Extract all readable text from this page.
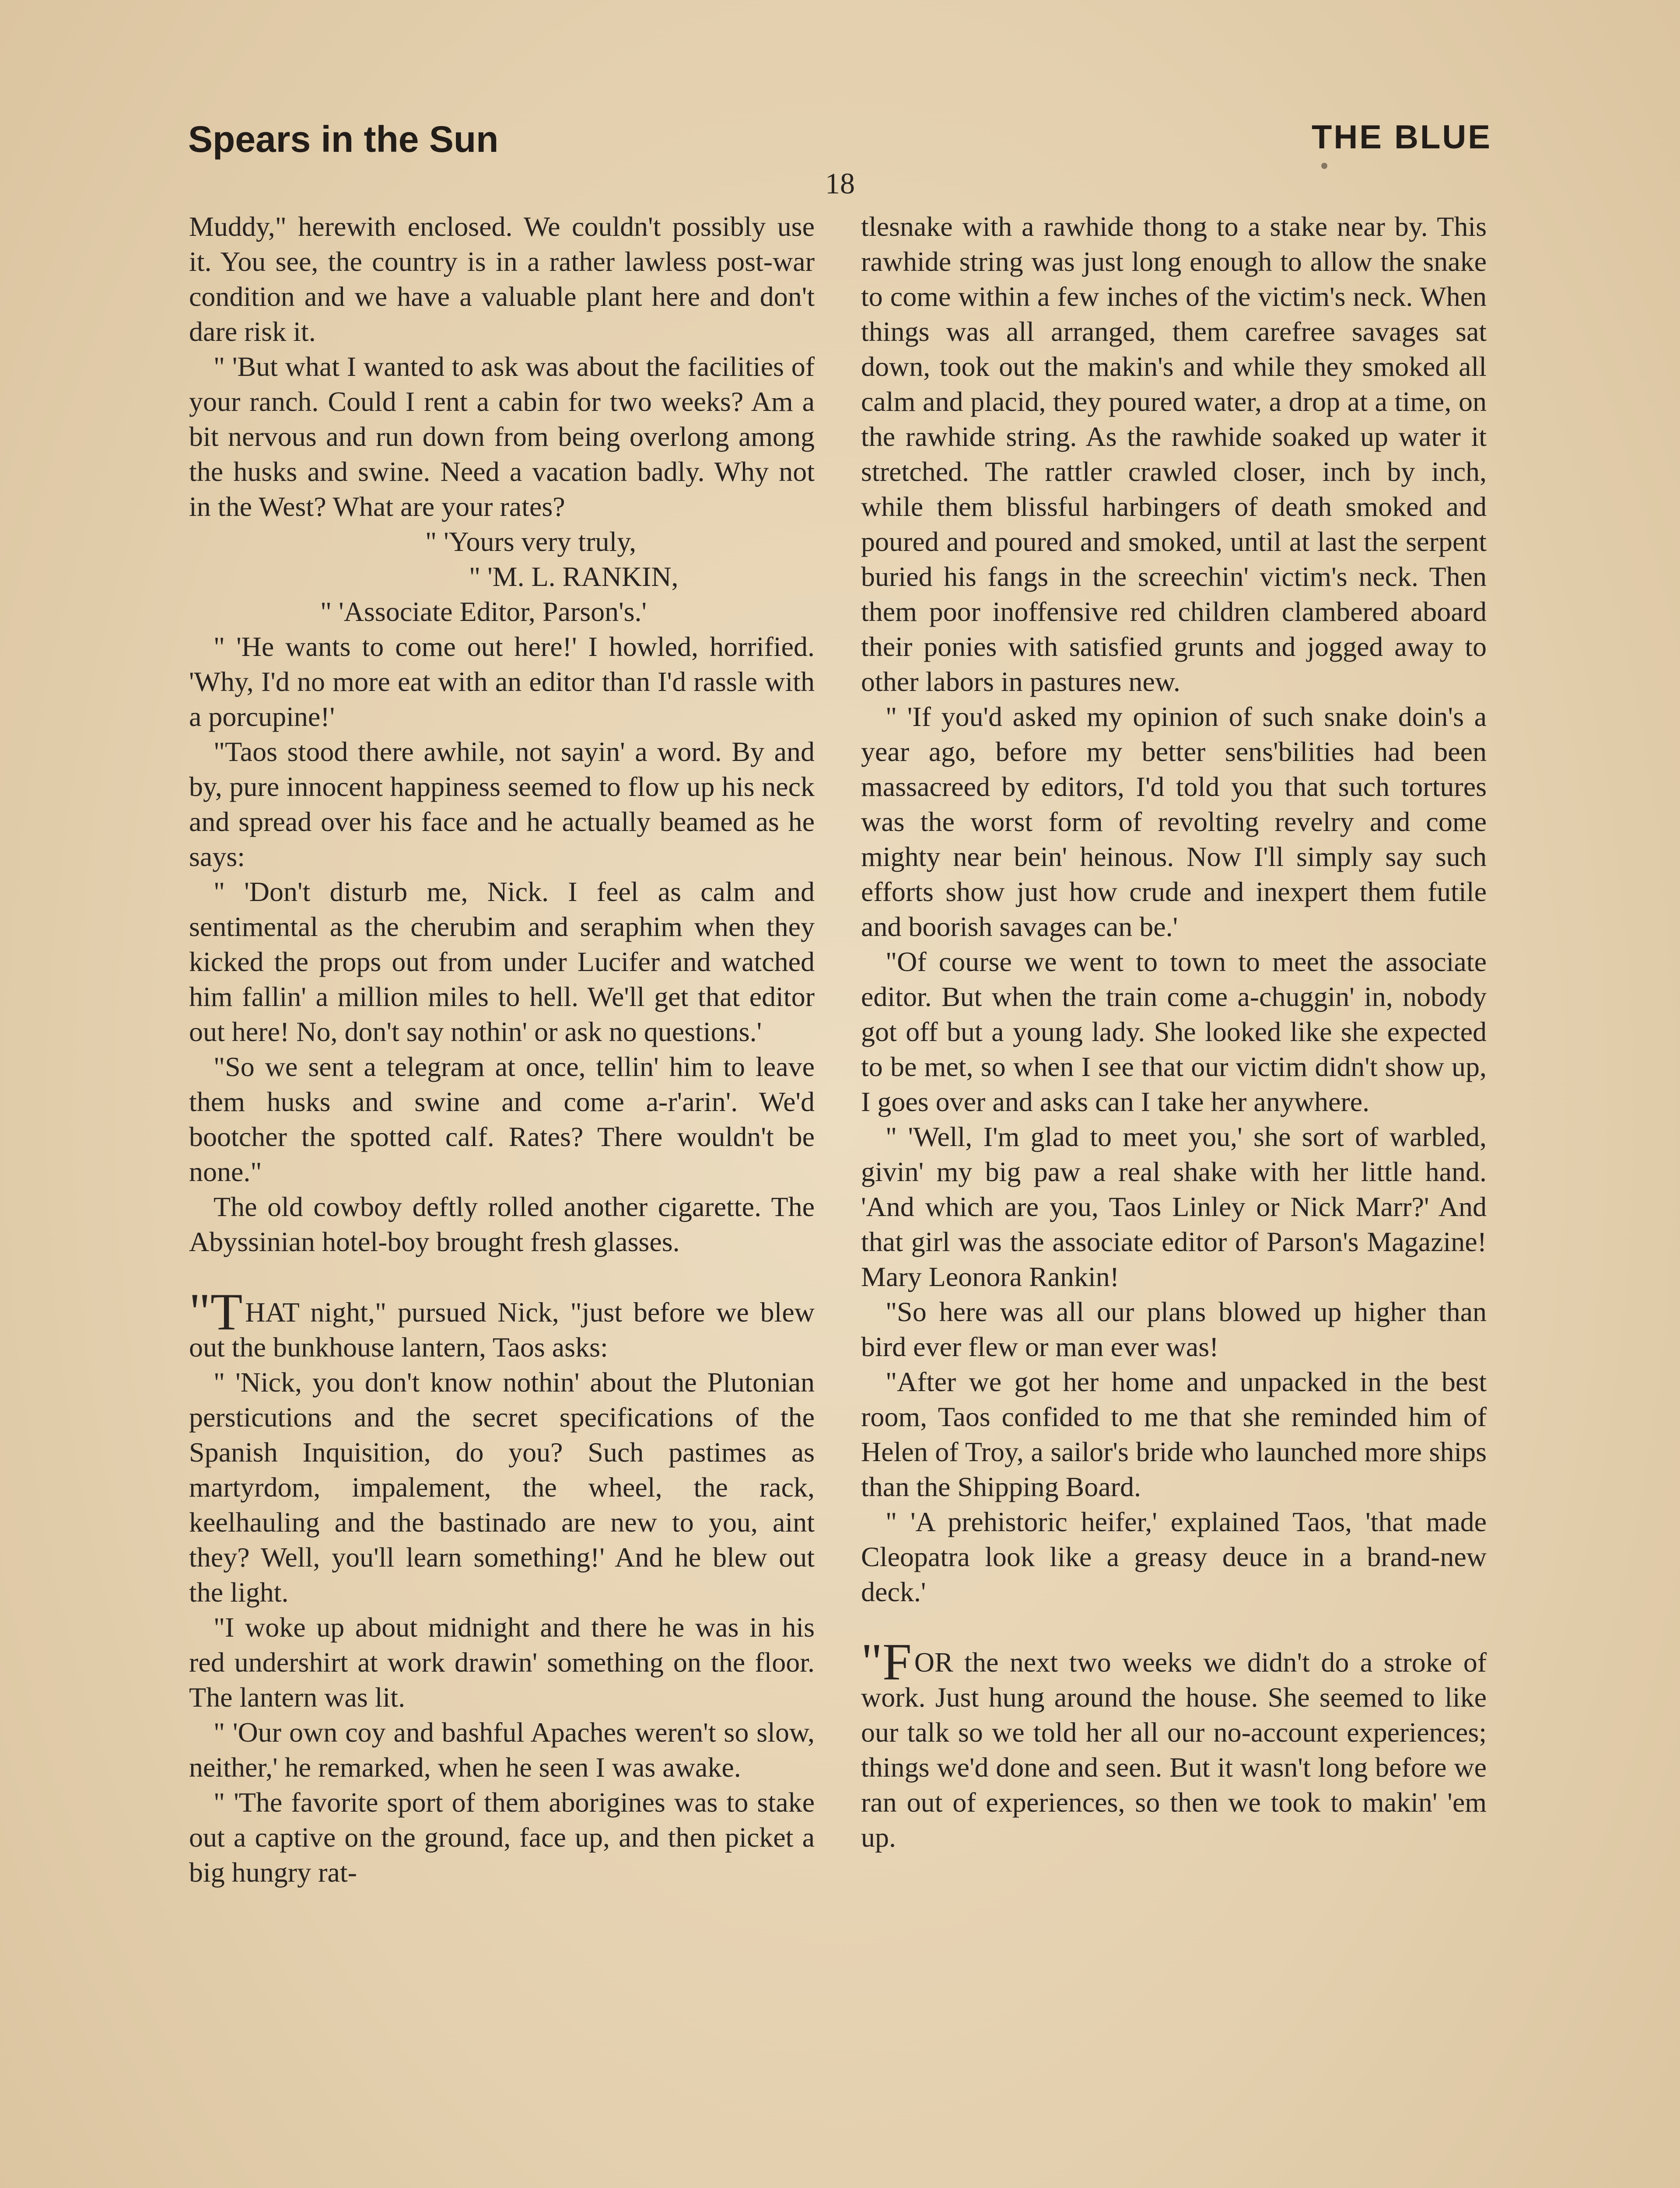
Spears in the Sun	THE BLUE
18

Muddy," herewith enclosed. We couldn't possibly use it. You see, the country is in a rather lawless post-war condition and we have a valuable plant here and don't dare risk it.

" 'But what I wanted to ask was about the facilities of your ranch. Could I rent a cabin for two weeks? Am a bit nervous and run down from being overlong among the husks and swine. Need a vacation badly. Why not in the West? What are your rates?

" 'Yours very truly,

" 'M. L. RANKIN,

" 'Associate Editor, Parson's.'

" 'He wants to come out here!' I howled, horrified. 'Why, I'd no more eat with an editor than I'd rassle with a porcupine!'

"Taos stood there awhile, not sayin' a word. By and by, pure innocent happiness seemed to flow up his neck and spread over his face and he actually beamed as he says:

" 'Don't disturb me, Nick. I feel as calm and sentimental as the cherubim and seraphim when they kicked the props out from under Lucifer and watched him fallin' a million miles to hell. We'll get that editor out here! No, don't say nothin' or ask no questions.'

"So we sent a telegram at once, tellin' him to leave them husks and swine and come a-r'arin'. We'd bootcher the spotted calf. Rates? There wouldn't be none."

The old cowboy deftly rolled another cigarette. The Abyssinian hotel-boy brought fresh glasses.

"THAT night," pursued Nick, "just before we blew out the bunkhouse lantern, Taos asks:

" 'Nick, you don't know nothin' about the Plutonian persticutions and the secret specifications of the Spanish Inquisition, do you? Such pastimes as martyrdom, impalement, the wheel, the rack, keelhauling and the bastinado are new to you, aint they? Well, you'll learn something!' And he blew out the light.

"I woke up about midnight and there he was in his red undershirt at work drawin' something on the floor. The lantern was lit.

" 'Our own coy and bashful Apaches weren't so slow, neither,' he remarked, when he seen I was awake.

" 'The favorite sport of them aborigines was to stake out a captive on the ground, face up, and then picket a big hungry rat-

tlesnake with a rawhide thong to a stake near by. This rawhide string was just long enough to allow the snake to come within a few inches of the victim's neck. When things was all arranged, them carefree savages sat down, took out the makin's and while they smoked all calm and placid, they poured water, a drop at a time, on the rawhide string. As the rawhide soaked up water it stretched. The rattler crawled closer, inch by inch, while them blissful harbingers of death smoked and poured and poured and smoked, until at last the serpent buried his fangs in the screechin' victim's neck. Then them poor inoffensive red children clambered aboard their ponies with satisfied grunts and jogged away to other labors in pastures new.

" 'If you'd asked my opinion of such snake doin's a year ago, before my better sens'bilities had been massacreed by editors, I'd told you that such tortures was the worst form of revolting revelry and come mighty near bein' heinous. Now I'll simply say such efforts show just how crude and inexpert them futile and boorish savages can be.'

"Of course we went to town to meet the associate editor. But when the train come a-chuggin' in, nobody got off but a young lady. She looked like she expected to be met, so when I see that our victim didn't show up, I goes over and asks can I take her anywhere.

" 'Well, I'm glad to meet you,' she sort of warbled, givin' my big paw a real shake with her little hand. 'And which are you, Taos Linley or Nick Marr?' And that girl was the associate editor of Parson's Magazine! Mary Leonora Rankin!

"So here was all our plans blowed up higher than bird ever flew or man ever was!

"After we got her home and unpacked in the best room, Taos confided to me that she reminded him of Helen of Troy, a sailor's bride who launched more ships than the Shipping Board.

" 'A prehistoric heifer,' explained Taos, 'that made Cleopatra look like a greasy deuce in a brand-new deck.'

"FOR the next two weeks we didn't do a stroke of work. Just hung around the house. She seemed to like our talk so we told her all our no-account experiences; things we'd done and seen. But it wasn't long before we ran out of experiences, so then we took to makin' 'em up.
